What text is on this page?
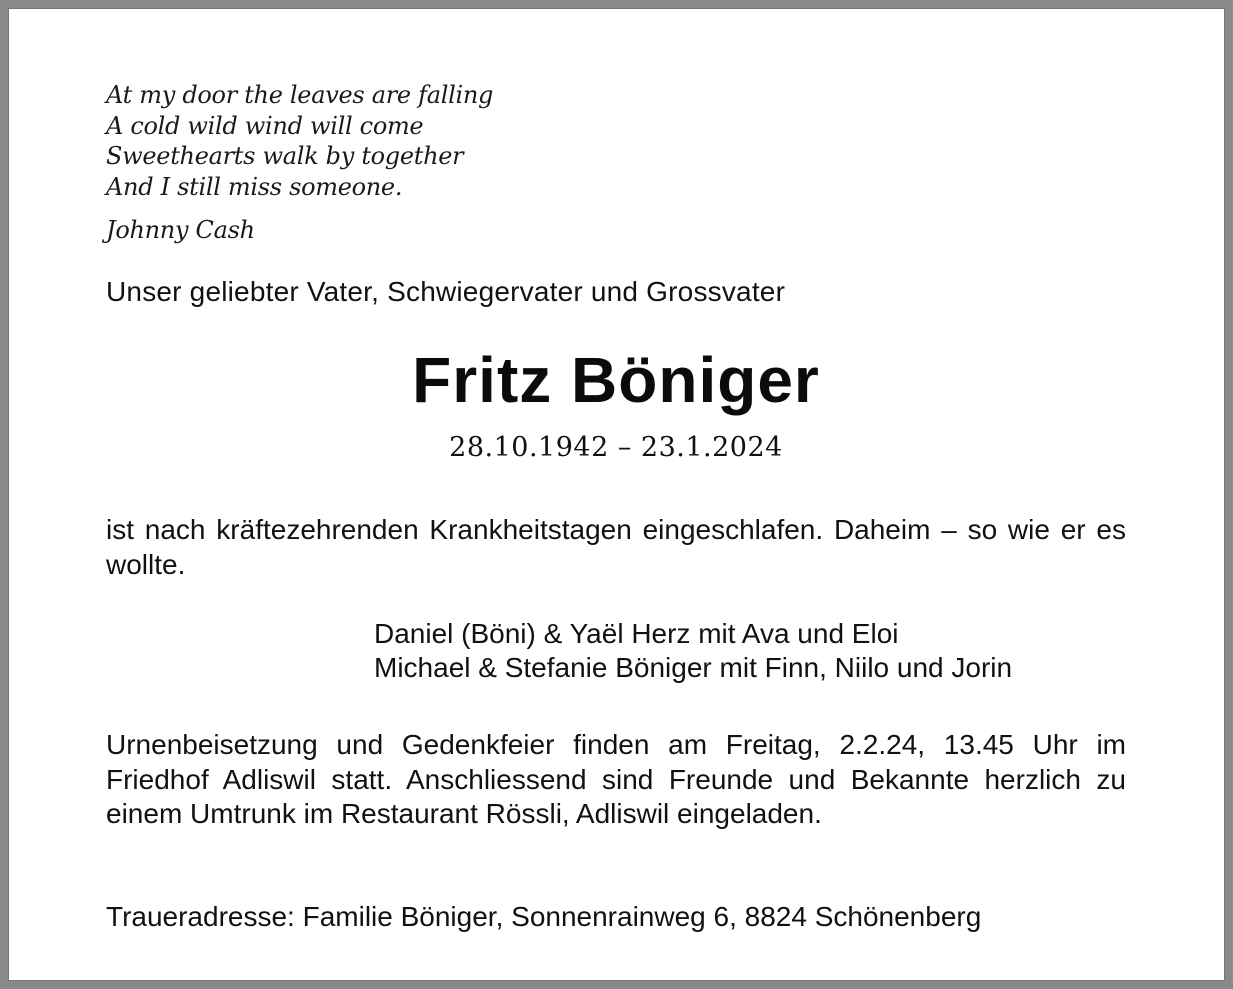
At my door the leaves are falling
A cold wild wind will come
Sweethearts walk by together
And I still miss someone.
Johnny Cash
Unser geliebter Vater, Schwiegervater und Grossvater
Fritz Böniger
28.10.1942 – 23.1.2024
ist nach kräftezehrenden Krankheitstagen eingeschlafen. Daheim – so wie er es wollte.
Daniel (Böni) & Yaël Herz mit Ava und Eloi
Michael & Stefanie Böniger mit Finn, Niilo und Jorin
Urnenbeisetzung und Gedenkfeier finden am Freitag, 2.2.24, 13.45 Uhr im Friedhof Adliswil statt. Anschliessend sind Freunde und Bekannte herzlich zu einem Umtrunk im Restaurant Rössli, Adliswil eingeladen.
Traueradresse: Familie Böniger, Sonnenrainweg 6, 8824 Schönenberg
